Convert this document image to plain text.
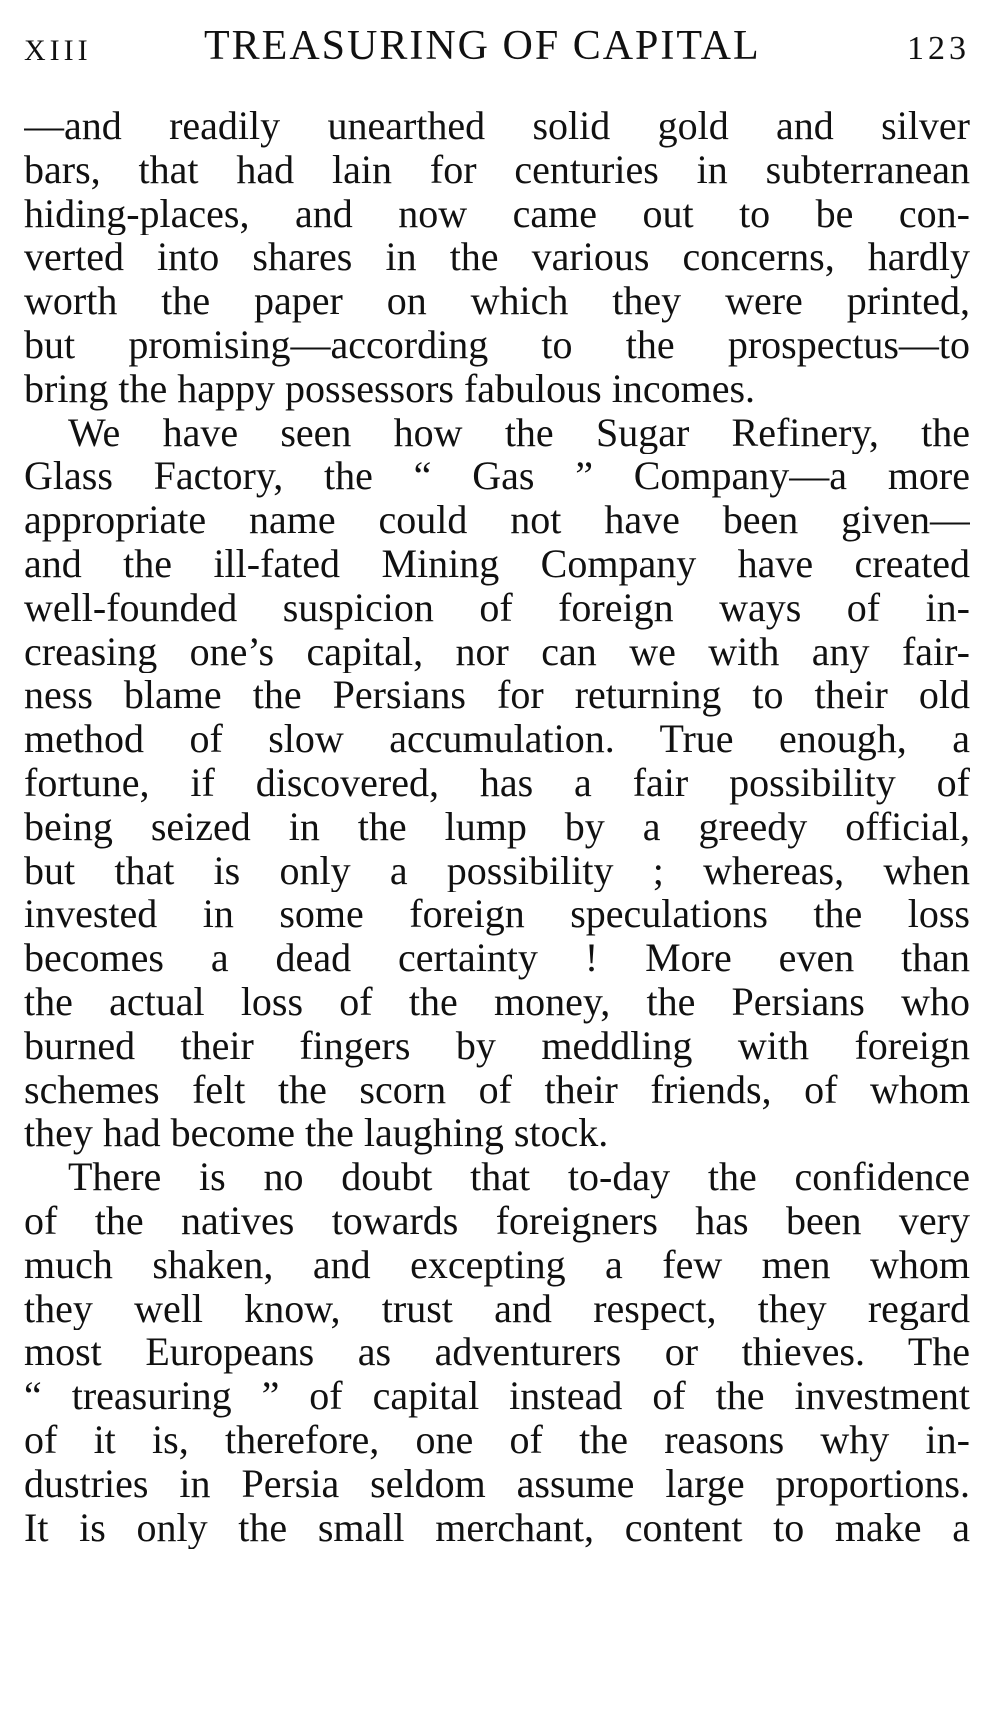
XIII	TREASURING OF CAPITAL	123
—and readily unearthed solid gold and silver
bars, that had lain for centuries in subterranean
hiding-places, and now came out to be con-
verted into shares in the various concerns, hardly
worth the paper on which they were printed,
but promising—according to the prospectus—to
bring the happy possessors fabulous incomes.
We have seen how the Sugar Refinery, the
Glass Factory, the “ Gas ” Company—a more
appropriate name could not have been given—
and the ill-fated Mining Company have created
well-founded suspicion of foreign ways of in-
creasing one’s capital, nor can we with any fair-
ness blame the Persians for returning to their old
method of slow accumulation. True enough, a
fortune, if discovered, has a fair possibility of
being seized in the lump by a greedy official,
but that is only a possibility ; whereas, when
invested in some foreign speculations the loss
becomes a dead certainty ! More even than
the actual loss of the money, the Persians who
burned their fingers by meddling with foreign
schemes felt the scorn of their friends, of whom
they had become the laughing stock.
There is no doubt that to-day the confidence
of the natives towards foreigners has been very
much shaken, and excepting a few men whom
they well know, trust and respect, they regard
most Europeans as adventurers or thieves. The
“ treasuring ” of capital instead of the investment
of it is, therefore, one of the reasons why in-
dustries in Persia seldom assume large proportions.
It is only the small merchant, content to make a
